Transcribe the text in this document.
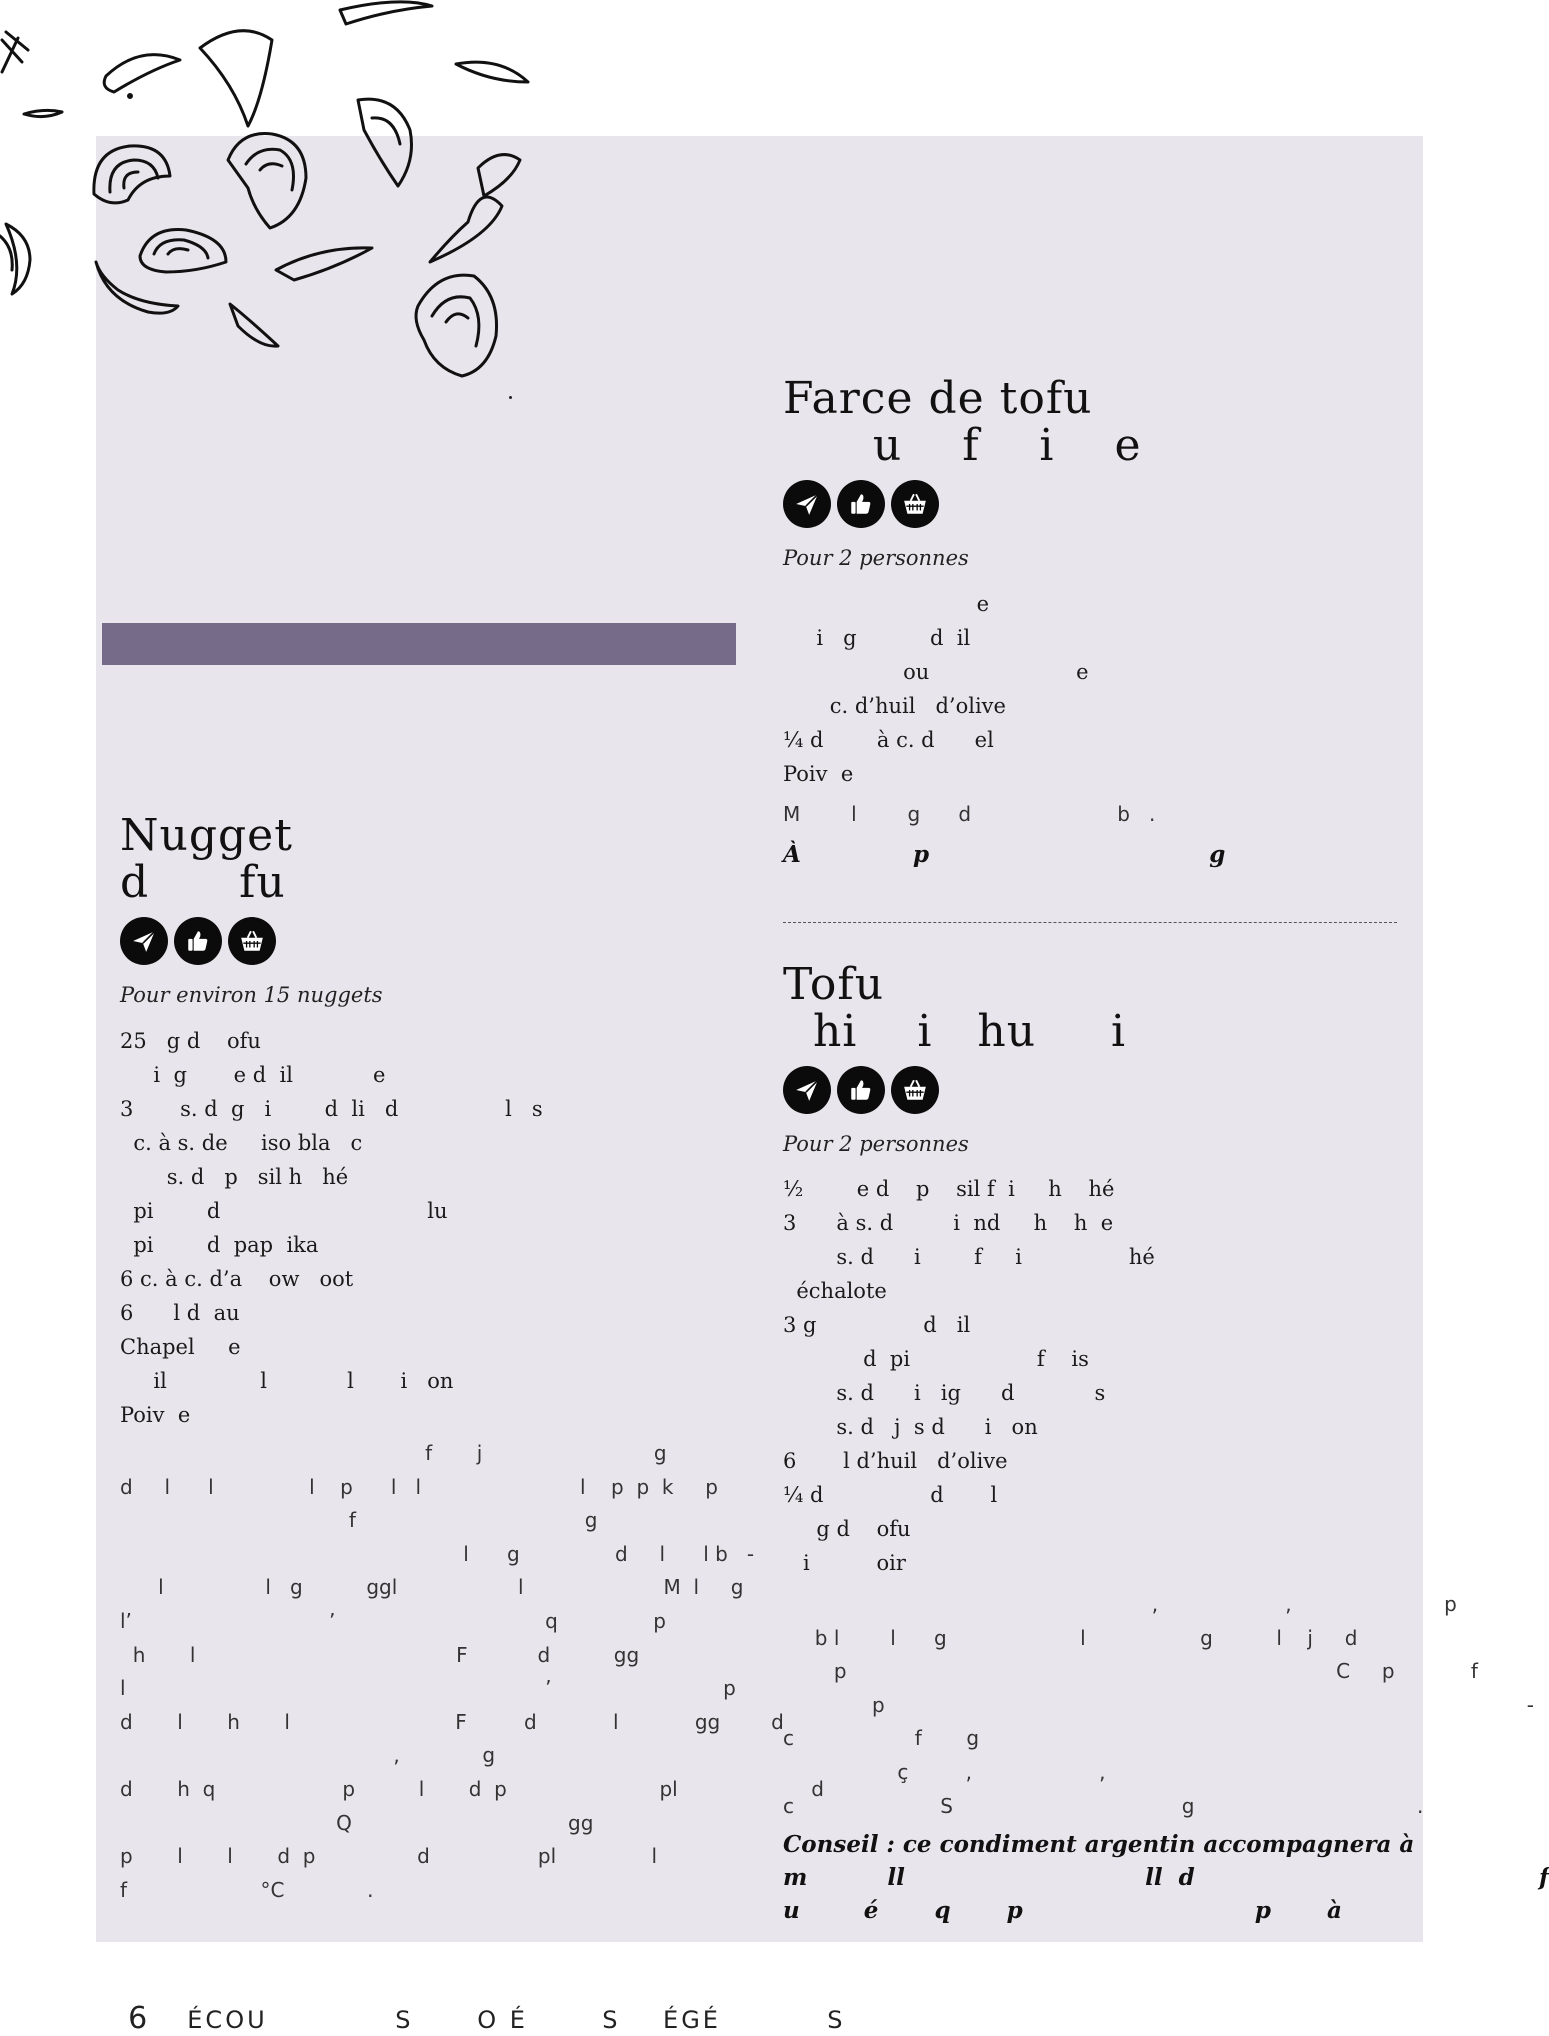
Nugget
d      fu

Pour environ 15 nuggets

25   g d    ofu
i  g       e d  il            e
3       s. d  g   i        d  li   d                l   s
c. à s. de     iso bla   c
s. d   p   sil h   hé
pi        d                               lu
pi        d  pap  ika
6 c. à c. d’a    ow   oot
6      l d  au
Chapel     e
il              l            l       i   on
Poiv  e
f       j                           g
d     l      l               l    p      l   l                         l    p  p  k     p
f                                    g
l      g               d     l      l b   -
l                l   g          ggl                   l                      M  l     g
l’                               ’                                 q               p
h       l                                         F           d          gg
l                                                                  ’                           p
d       l       h       l                          F         d            l            gg        d
,             g
d       h  q                    p          l       d  p                        pl                     d
Q                                  gg
p       l       l       d  p                d                 pl               l
f                     °C             .
Farce de tofu
u    f    i    e

Pour 2 personnes

e
i   g           d  il
ou                      e
c. d’huil   d’olive
¼ d        à c. d      el
Poiv  e
M        l        g      d                       b   .

À              p                                   g

Tofu
hi    i   hu     i

Pour 2 personnes

½        e d    p    sil f  i     h    hé
3      à s. d         i  nd     h    h  e
s. d      i        f     i                hé
échalote
3 g                d   il
d  pi                   f    is
s. d      i   ig      d            s
s. d   j  s d      i   on
6       l d’huil   d’olive
¼ d                d       l
g d    ofu
i          oir
,                    ,                        p
b l        l      g                     l                  g          l    j     d
p                                                                             C     p            f
p                                                                                                     -
c                   f       g
ç         ,                    ,
c                       S                                    g                                   .
Conseil : ce condiment argentin accompagnera à
m          ll                              ll  d                                           f
u        é       q       p                             p       à

6 ÉCOU            S      O É       S    ÉGÉ          S
